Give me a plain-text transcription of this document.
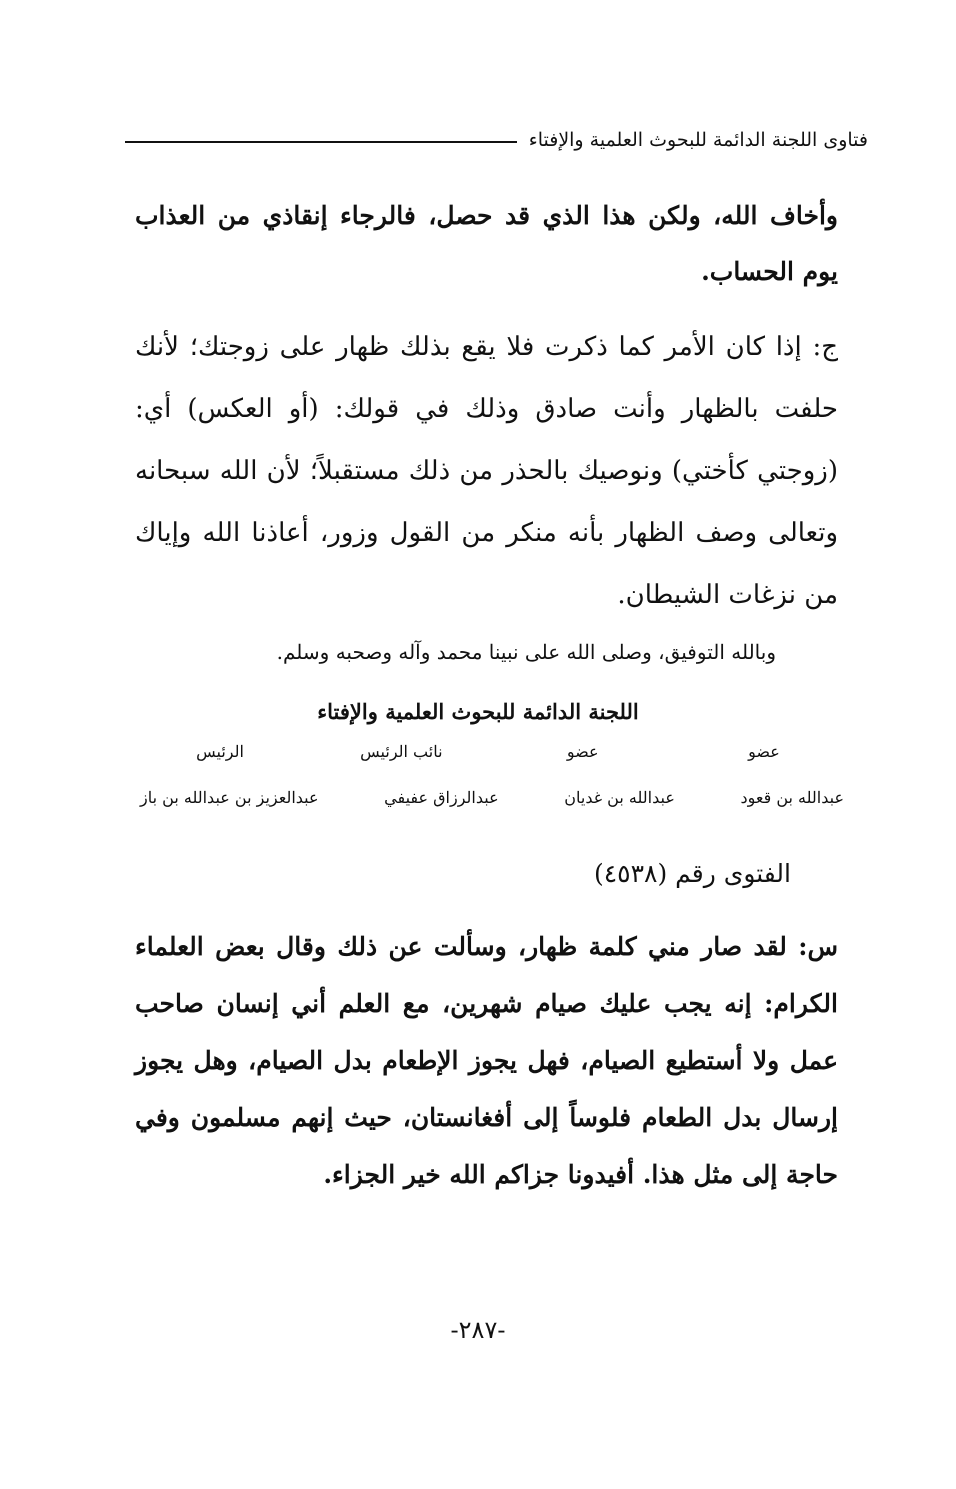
فتاوى اللجنة الدائمة للبحوث العلمية والإفتاء

وأخاف الله، ولكن هذا الذي قد حصل، فالرجاء إنقاذي من العذاب يوم الحساب.

ج: إذا كان الأمر كما ذكرت فلا يقع بذلك ظهار على زوجتك؛ لأنك حلفت بالظهار وأنت صادق وذلك في قولك: (أو العكس) أي: (زوجتي كأختي) ونوصيك بالحذر من ذلك مستقبلاً؛ لأن الله سبحانه وتعالى وصف الظهار بأنه منكر من القول وزور، أعاذنا الله وإياك من نزغات الشيطان.

وبالله التوفيق، وصلى الله على نبينا محمد وآله وصحبه وسلم.

اللجنة الدائمة للبحوث العلمية والإفتاء
عضو
عضو
نائب الرئيس
الرئيس
عبدالله بن قعود
عبدالله بن غديان
عبدالرزاق عفيفي
عبدالعزيز بن عبدالله بن باز
الفتوى رقم (٤٥٣٨)

س: لقد صار مني كلمة ظهار، وسألت عن ذلك وقال بعض العلماء الكرام: إنه يجب عليك صيام شهرين، مع العلم أني إنسان صاحب عمل ولا أستطيع الصيام، فهل يجوز الإطعام بدل الصيام، وهل يجوز إرسال بدل الطعام فلوساً إلى أفغانستان، حيث إنهم مسلمون وفي حاجة إلى مثل هذا. أفيدونا جزاكم الله خير الجزاء.

-٢٨٧-
